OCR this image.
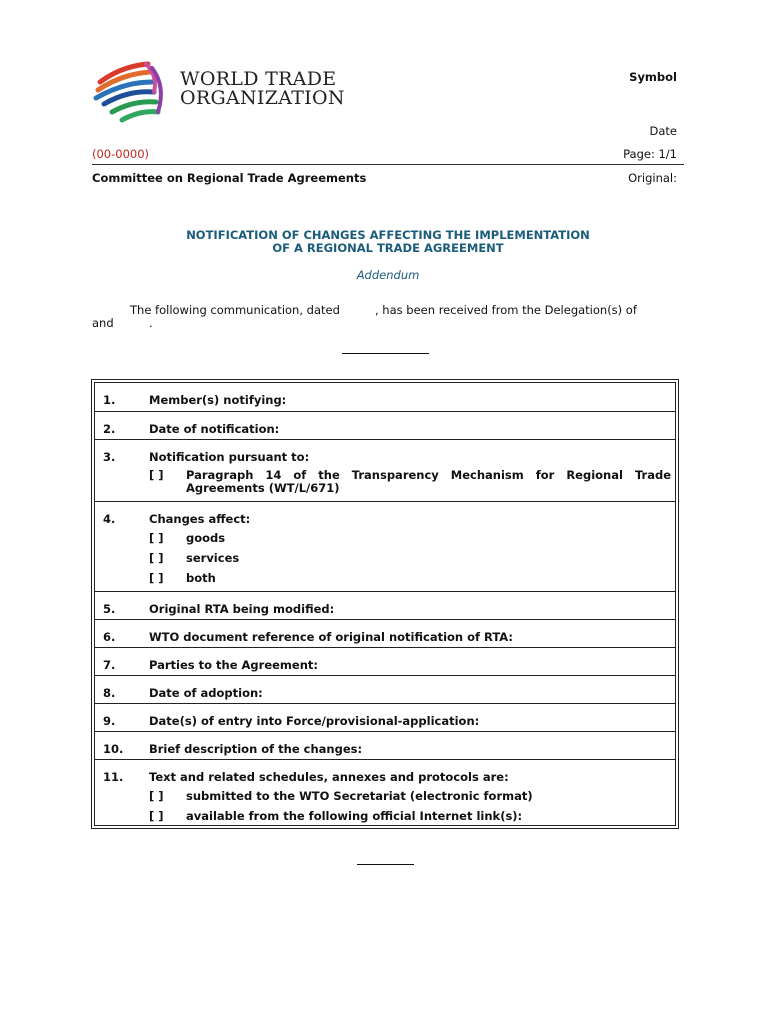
WORLD TRADE
ORGANIZATION
Symbol
Date
(00-0000)	Page: 1/1
Committee on Regional Trade Agreements	Original:
NOTIFICATION OF CHANGES AFFECTING THE IMPLEMENTATION
OF A REGIONAL TRADE AGREEMENT
Addendum
The following communication, dated	, has been received from the Delegation(s) of
and	.
1.	Member(s) notifying:
2.	Date of notification:
3.	Notification pursuant to:
[ ]	Paragraph 14 of the Transparency Mechanism for Regional Trade
Agreements (WT/L/671)
4.	Changes affect:
[ ] goods
[ ] services
[ ] both
5.	Original RTA being modified:
6.	WTO document reference of original notification of RTA:
7.	Parties to the Agreement:
8.	Date of adoption:
9.	Date(s) of entry into Force/provisional-application:
10. Brief description of the changes:
11. Text and related schedules, annexes and protocols are:
[ ] submitted to the WTO Secretariat (electronic format)
[ ] available from the following official Internet link(s):
